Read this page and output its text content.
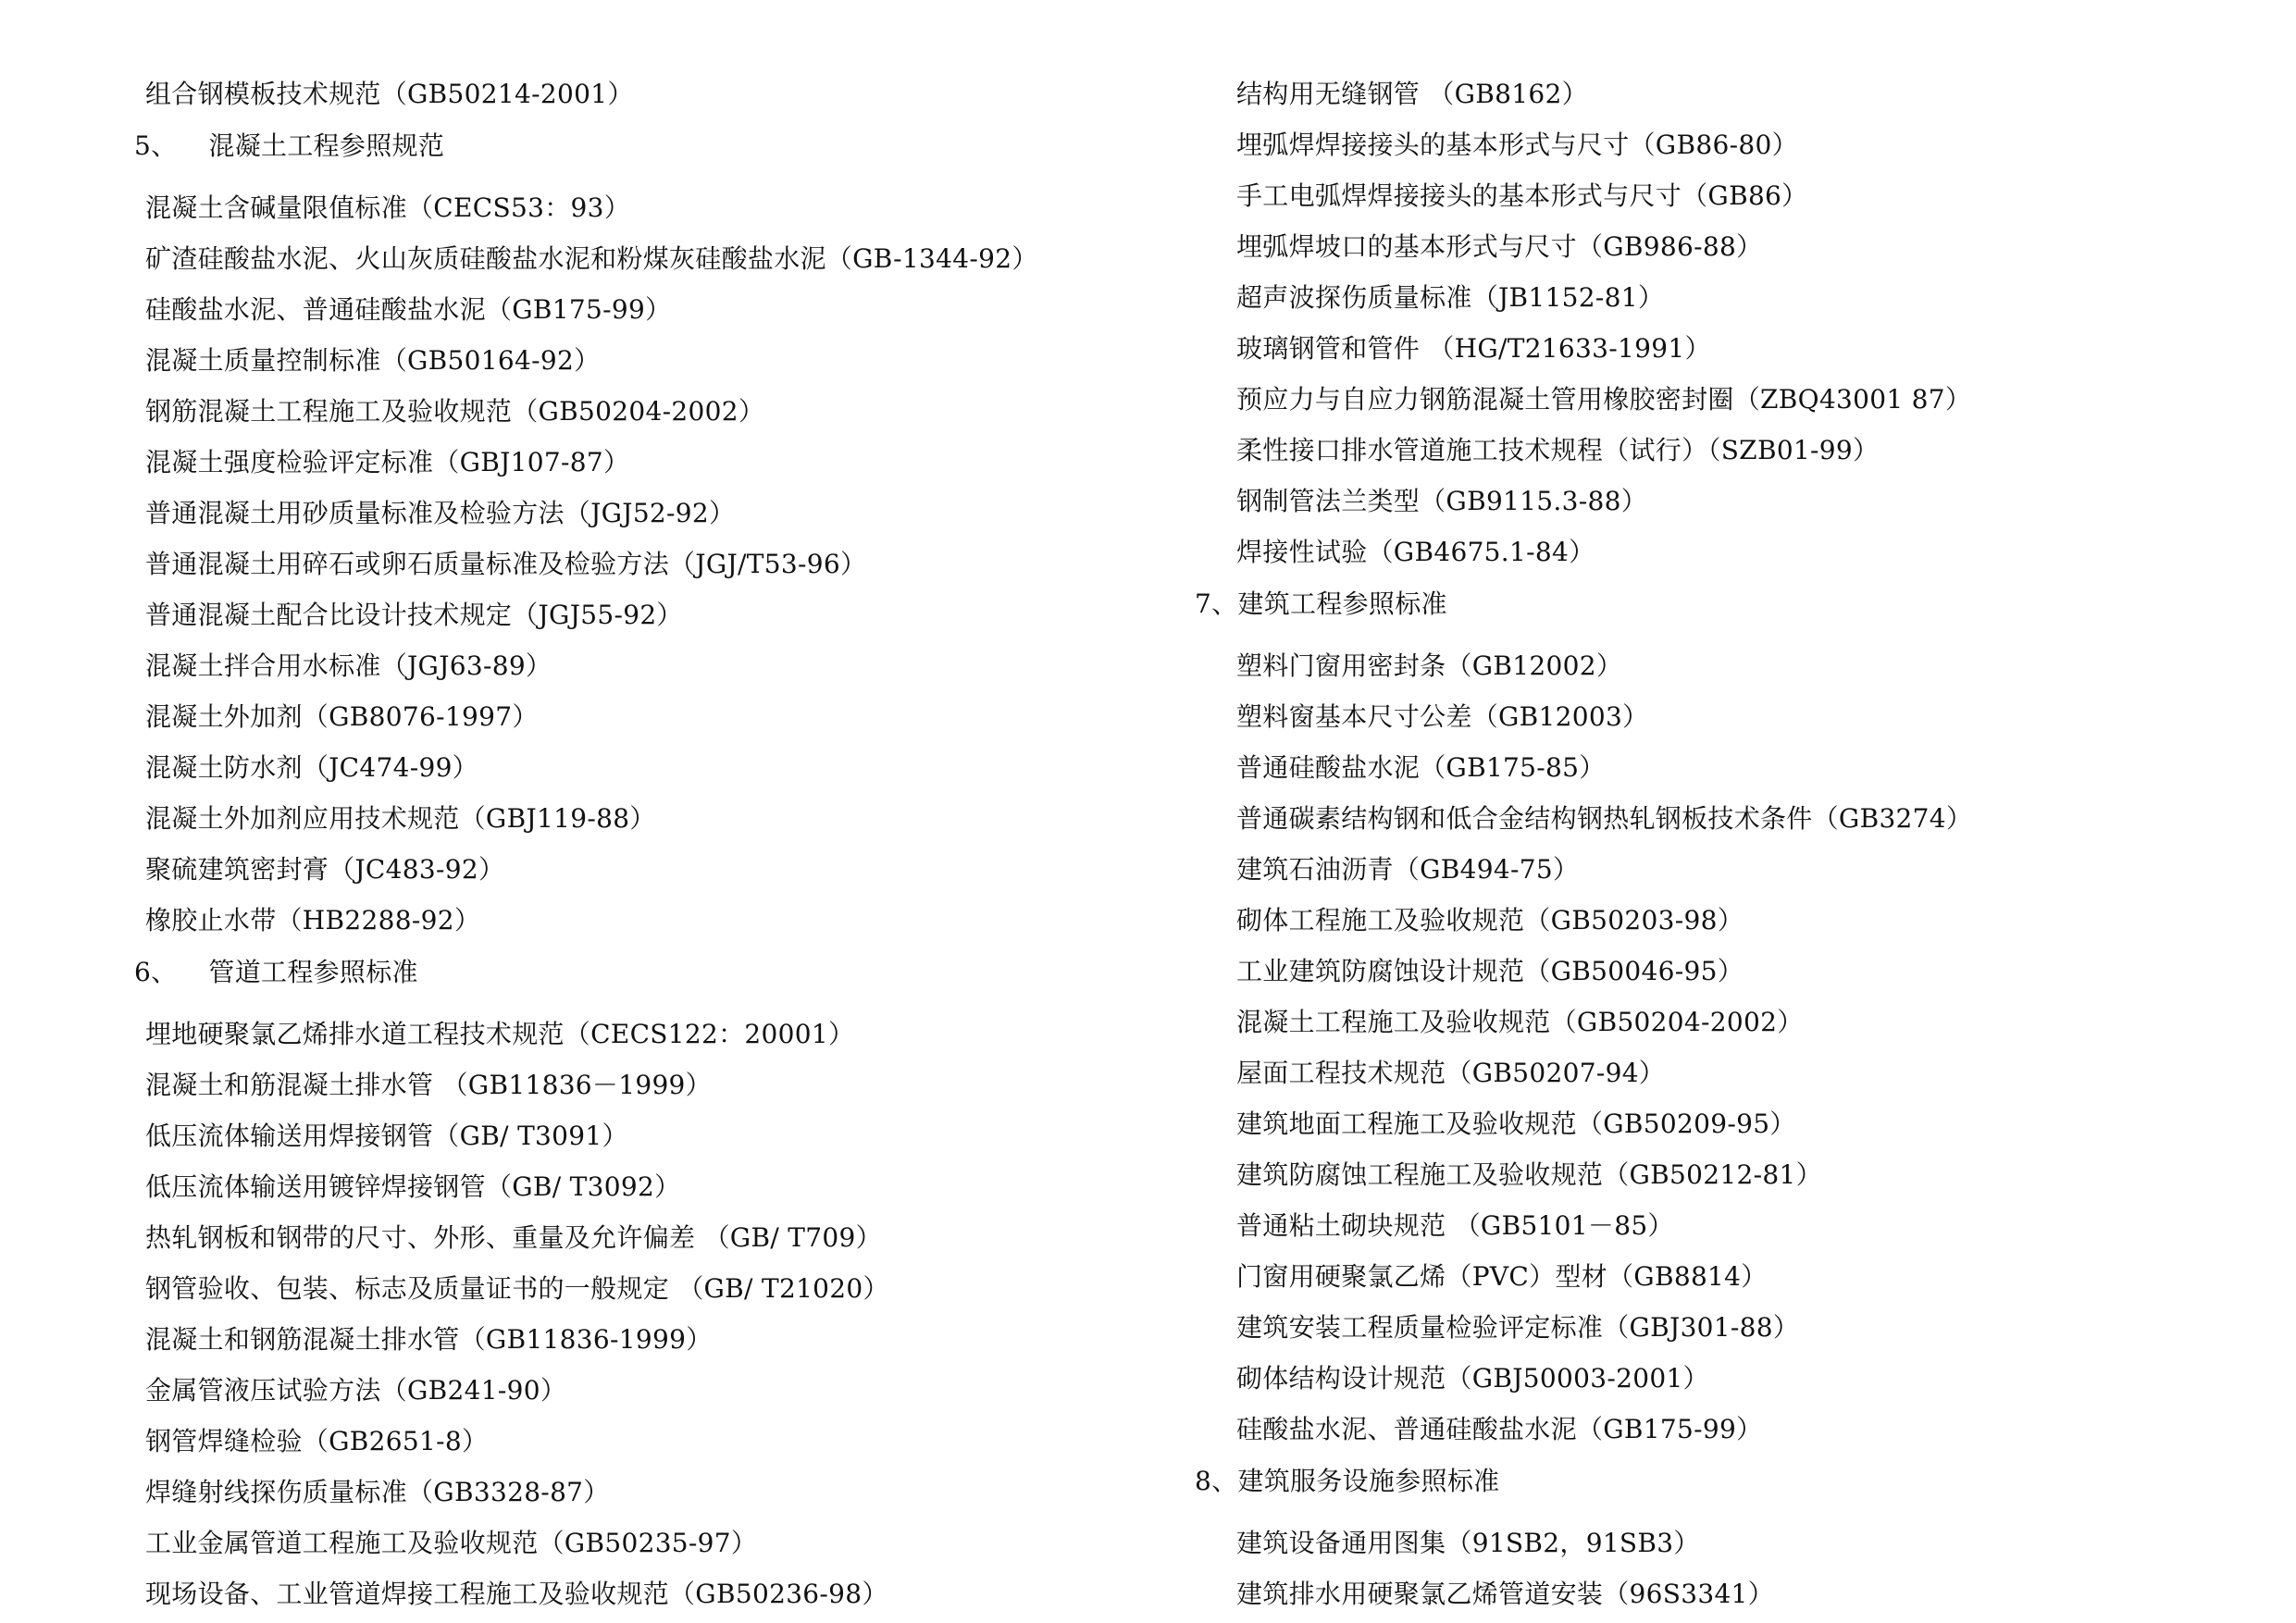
组合钢模板技术规范（GB50214-2001）
5、 混凝土工程参照规范
混凝土含碱量限值标准（CECS53：93）
矿渣硅酸盐水泥、火山灰质硅酸盐水泥和粉煤灰硅酸盐水泥（GB-1344-92）
硅酸盐水泥、普通硅酸盐水泥（GB175-99）
混凝土质量控制标准（GB50164-92）
钢筋混凝土工程施工及验收规范（GB50204-2002）
混凝土强度检验评定标准（GBJ107-87）
普通混凝土用砂质量标准及检验方法（JGJ52-92）
普通混凝土用碎石或卵石质量标准及检验方法（JGJ/T53-96）
普通混凝土配合比设计技术规定（JGJ55-92）
混凝土拌合用水标准（JGJ63-89）
混凝土外加剂（GB8076-1997）
混凝土防水剂（JC474-99）
混凝土外加剂应用技术规范（GBJ119-88）
聚硫建筑密封膏（JC483-92）
橡胶止水带（HB2288-92）
6、 管道工程参照标准
埋地硬聚氯乙烯排水道工程技术规范（CECS122：20001）
混凝土和筋混凝土排水管 （GB11836－1999）
低压流体输送用焊接钢管（GB/ T3091）
低压流体输送用镀锌焊接钢管（GB/ T3092）
热轧钢板和钢带的尺寸、外形、重量及允许偏差 （GB/ T709）
钢管验收、包装、标志及质量证书的一般规定 （GB/ T21020）
混凝土和钢筋混凝土排水管（GB11836-1999）
金属管液压试验方法（GB241-90）
钢管焊缝检验（GB2651-8）
焊缝射线探伤质量标准（GB3328-87）
工业金属管道工程施工及验收规范（GB50235-97）
现场设备、工业管道焊接工程施工及验收规范（GB50236-98）
结构用无缝钢管 （GB8162）
埋弧焊焊接接头的基本形式与尺寸（GB86-80）
手工电弧焊焊接接头的基本形式与尺寸（GB86）
埋弧焊坡口的基本形式与尺寸（GB986-88）
超声波探伤质量标准（JB1152-81）
玻璃钢管和管件 （HG/T21633-1991）
预应力与自应力钢筋混凝土管用橡胶密封圈（ZBQ43001 87）
柔性接口排水管道施工技术规程（试行）（SZB01-99）
钢制管法兰类型（GB9115.3-88）
焊接性试验（GB4675.1-84）
7、建筑工程参照标准
塑料门窗用密封条（GB12002）
塑料窗基本尺寸公差（GB12003）
普通硅酸盐水泥（GB175-85）
普通碳素结构钢和低合金结构钢热轧钢板技术条件（GB3274）
建筑石油沥青（GB494-75）
砌体工程施工及验收规范（GB50203-98）
工业建筑防腐蚀设计规范（GB50046-95）
混凝土工程施工及验收规范（GB50204-2002）
屋面工程技术规范（GB50207-94）
建筑地面工程施工及验收规范（GB50209-95）
建筑防腐蚀工程施工及验收规范（GB50212-81）
普通粘土砌块规范 （GB5101－85）
门窗用硬聚氯乙烯（PVC）型材（GB8814）
建筑安装工程质量检验评定标准（GBJ301-88）
砌体结构设计规范（GBJ50003-2001）
硅酸盐水泥、普通硅酸盐水泥（GB175-99）
8、建筑服务设施参照标准
建筑设备通用图集（91SB2，91SB3）
建筑排水用硬聚氯乙烯管道安装（96S3341）
